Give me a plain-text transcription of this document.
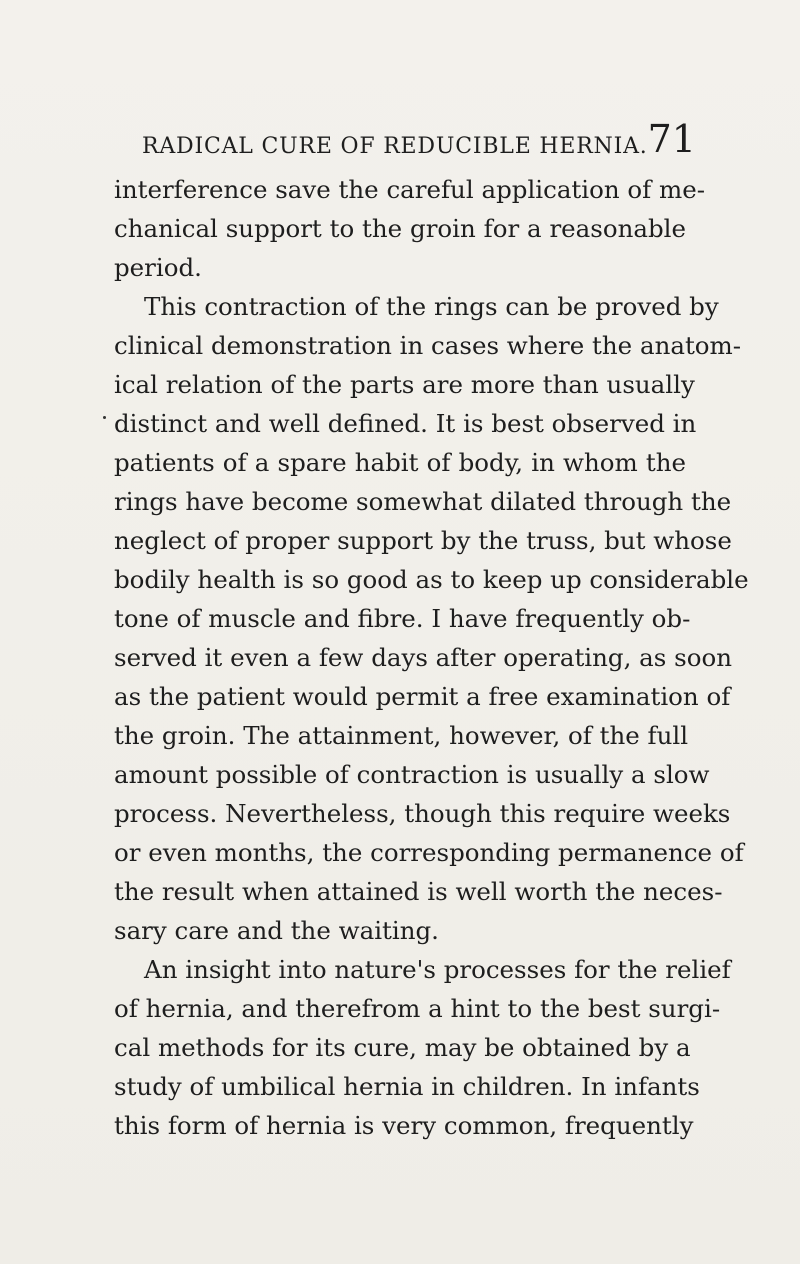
RADICAL CURE OF REDUCIBLE HERNIA. 71
interference save the careful application of me-
chanical support to the groin for a reasonable
period.
This contraction of the rings can be proved by
clinical demonstration in cases where the anatom-
ical relation of the parts are more than usually
distinct and well defined. It is best observed in
patients of a spare habit of body, in whom the
rings have become somewhat dilated through the
neglect of proper support by the truss, but whose
bodily health is so good as to keep up considerable
tone of muscle and fibre. I have frequently ob-
served it even a few days after operating, as soon
as the patient would permit a free examination of
the groin. The attainment, however, of the full
amount possible of contraction is usually a slow
process. Nevertheless, though this require weeks
or even months, the corresponding permanence of
the result when attained is well worth the neces-
sary care and the waiting.
An insight into nature's processes for the relief
of hernia, and therefrom a hint to the best surgi-
cal methods for its cure, may be obtained by a
study of umbilical hernia in children. In infants
this form of hernia is very common, frequently
